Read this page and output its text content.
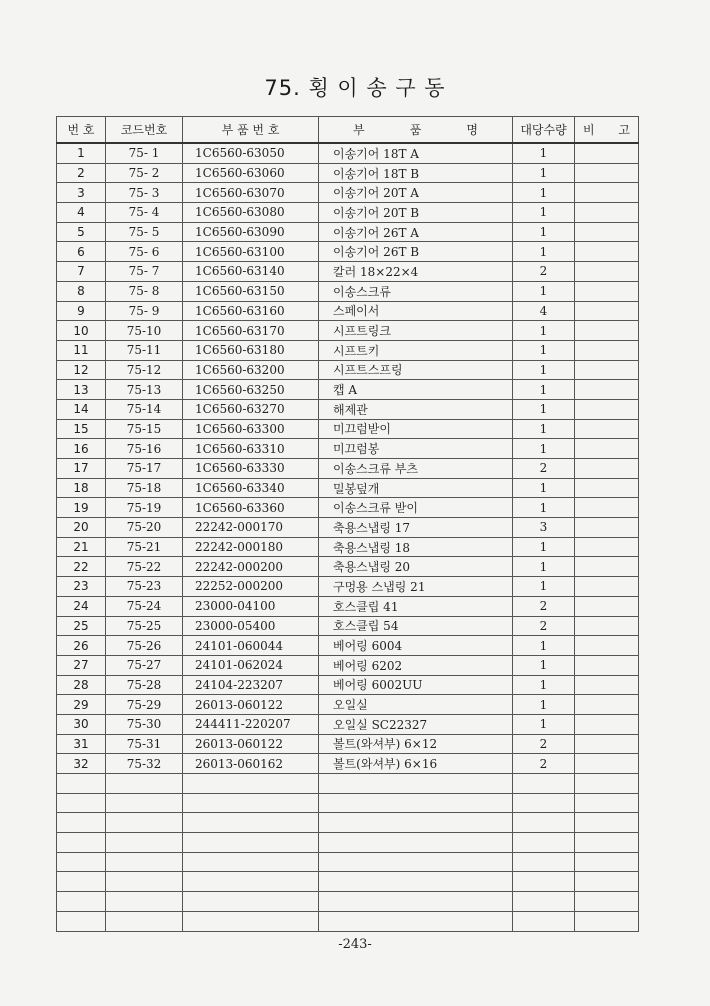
75. 횡 이 송 구 동
번 호	코드번호	부 품 번 호	부 품 명	대당수량	비 고

1	75- 1	1C6560-63050	이송기어 18T A	1	
2	75- 2	1C6560-63060	이송기어 18T B	1	
3	75- 3	1C6560-63070	이송기어 20T A	1	
4	75- 4	1C6560-63080	이송기어 20T B	1	
5	75- 5	1C6560-63090	이송기어 26T A	1	
6	75- 6	1C6560-63100	이송기어 26T B	1	
7	75- 7	1C6560-63140	칼러 18×22×4	2	
8	75- 8	1C6560-63150	이송스크류	1	
9	75- 9	1C6560-63160	스페이서	4	
10	75-10	1C6560-63170	시프트링크	1	
11	75-11	1C6560-63180	시프트키	1	
12	75-12	1C6560-63200	시프트스프링	1	
13	75-13	1C6560-63250	캡 A	1	
14	75-14	1C6560-63270	해제관	1	
15	75-15	1C6560-63300	미끄럼받이	1	
16	75-16	1C6560-63310	미끄럼봉	1	
17	75-17	1C6560-63330	이송스크류 부츠	2	
18	75-18	1C6560-63340	밀봉덮개	1	
19	75-19	1C6560-63360	이송스크류 받이	1	
20	75-20	22242-000170	축용스냅링 17	3	
21	75-21	22242-000180	축용스냅링 18	1	
22	75-22	22242-000200	축용스냅링 20	1	
23	75-23	22252-000200	구멍용 스냅링 21	1	
24	75-24	23000-04100	호스클립 41	2	
25	75-25	23000-05400	호스클립 54	2	
26	75-26	24101-060044	베어링 6004	1	
27	75-27	24101-062024	베어링 6202	1	
28	75-28	24104-223207	베어링 6002UU	1	
29	75-29	26013-060122	오일실	1	
30	75-30	244411-220207	오일실 SC22327	1	
31	75-31	26013-060122	볼트(와셔부) 6×12	2	
32	75-32	26013-060162	볼트(와셔부) 6×16	2	

-243-
